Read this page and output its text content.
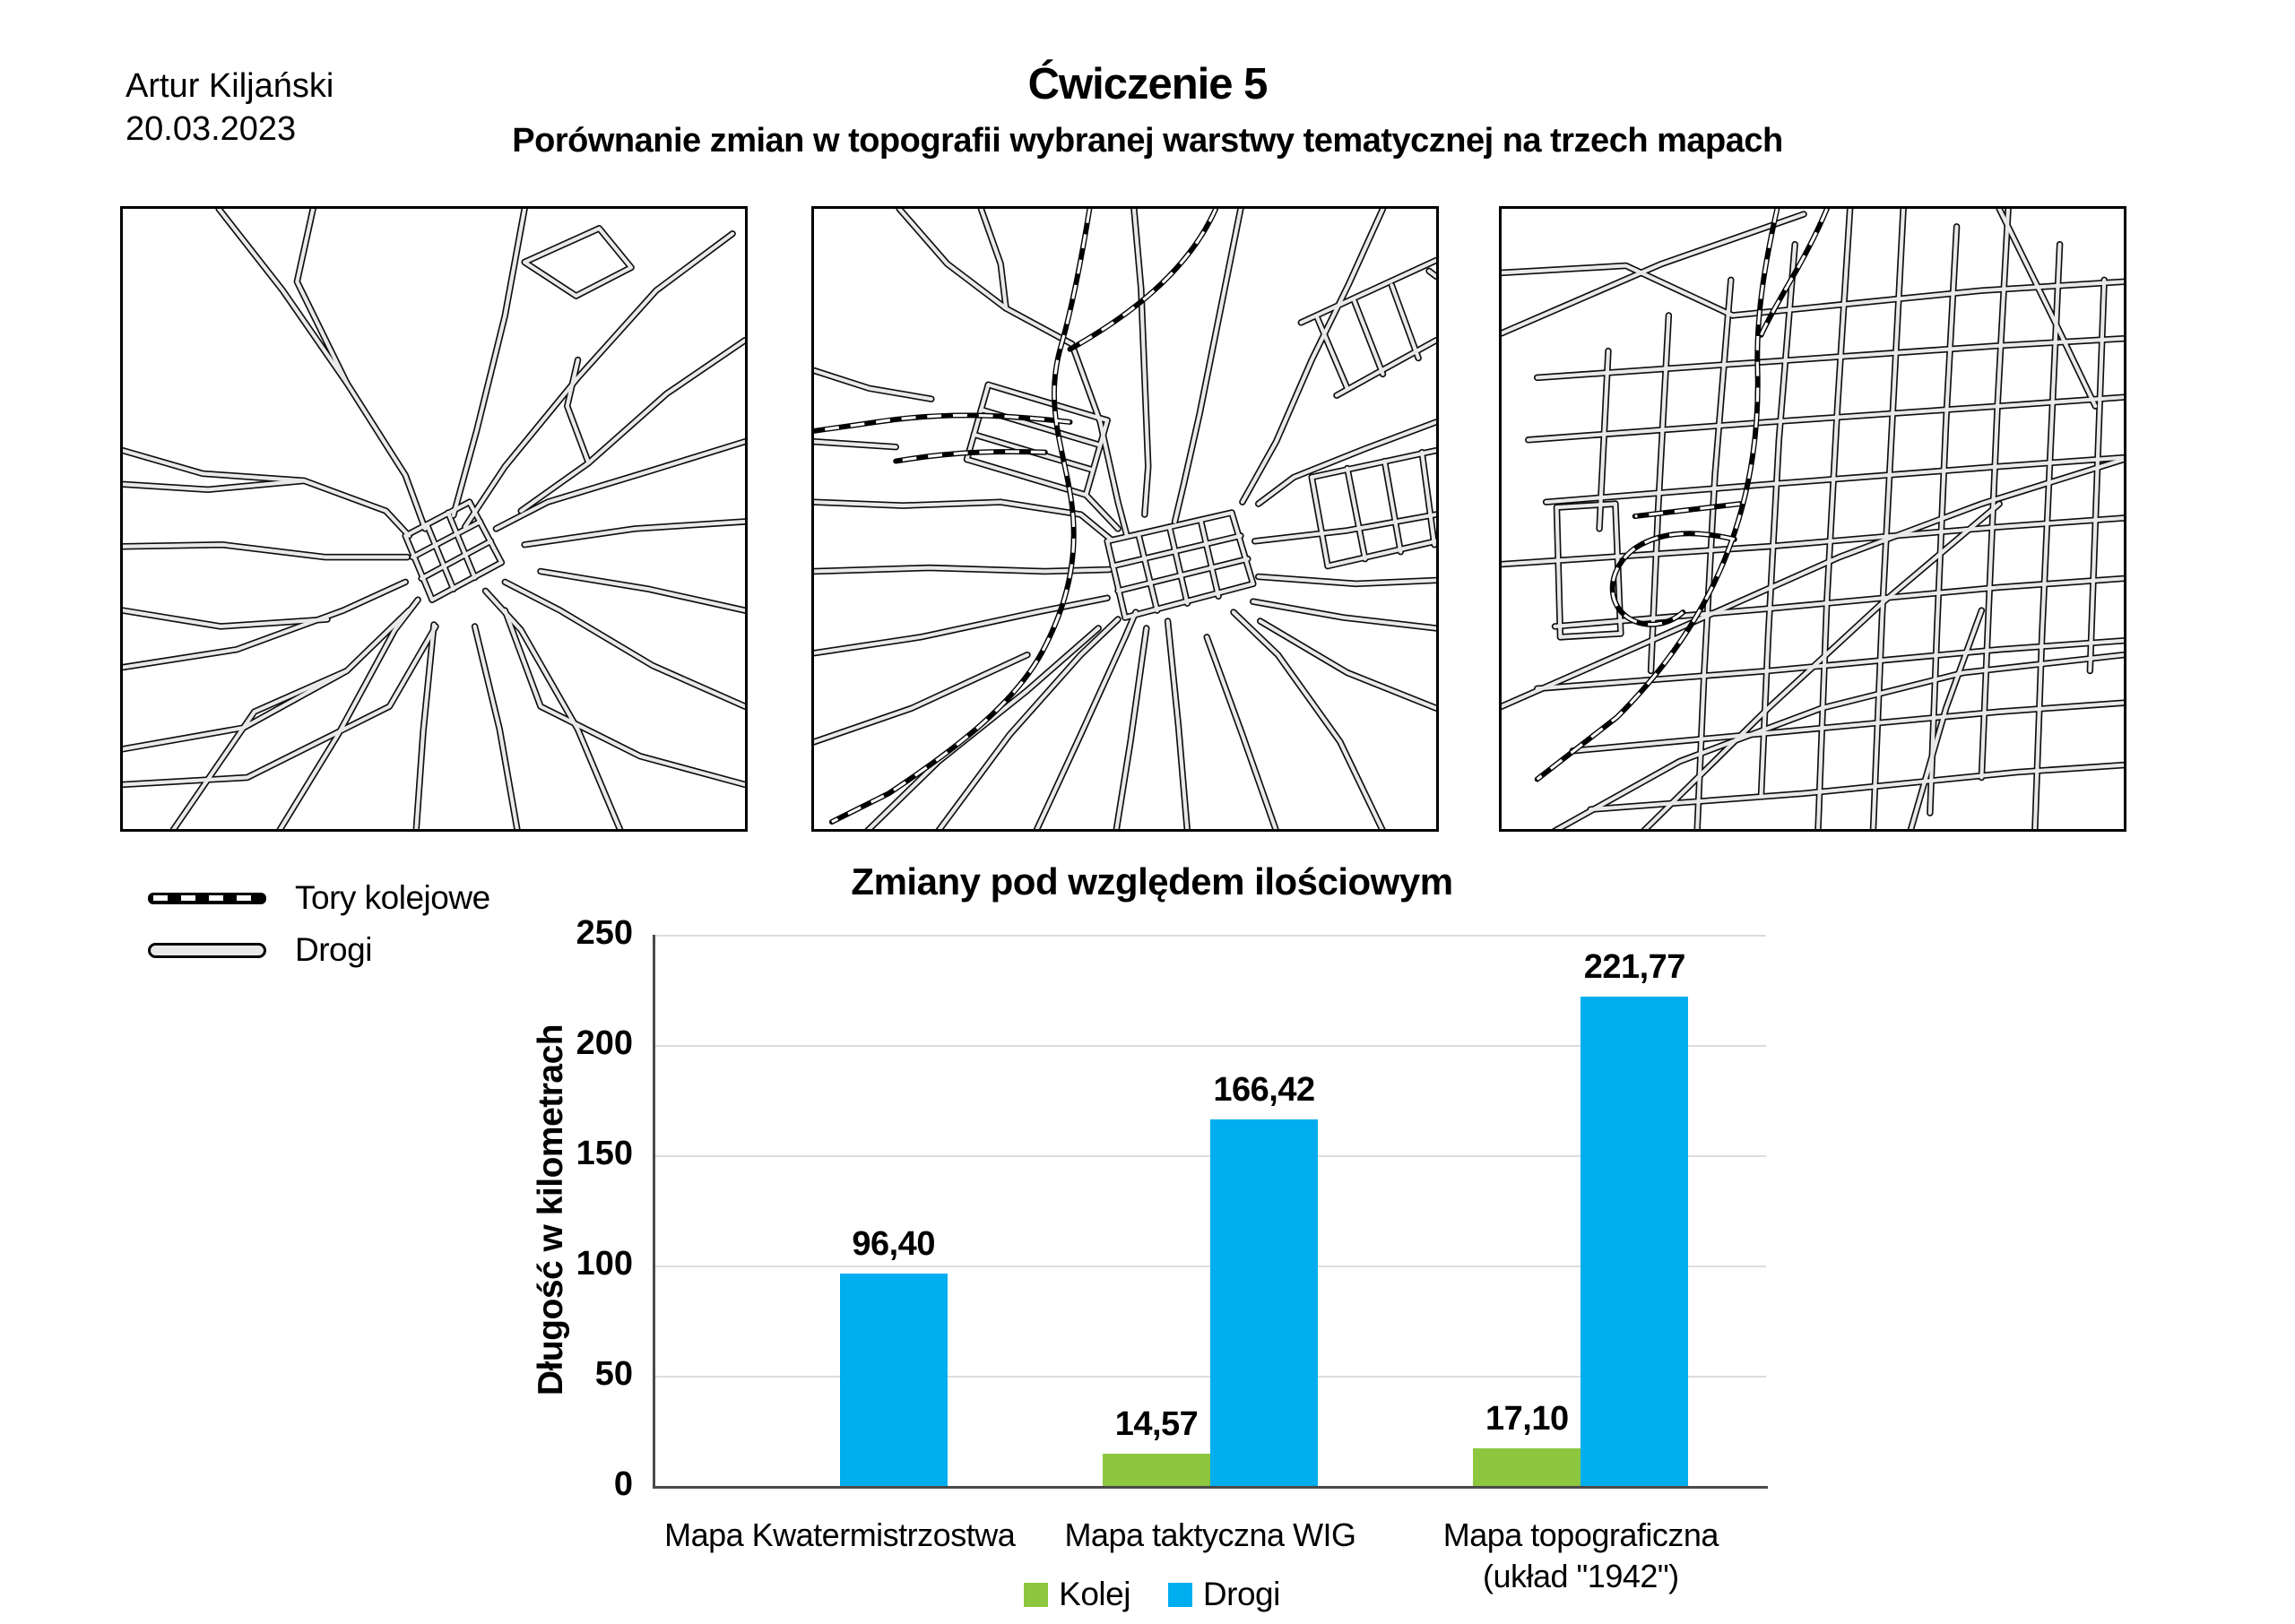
Artur Kiljański
20.03.2023
Ćwiczenie 5
Porównanie zmian w topografii wybranej warstwy tematycznej na trzech mapach
Tory kolejowe
Drogi
Zmiany pod względem ilościowym
Długość w kilometrach
0
50
100
150
200
250
96,40
Mapa Kwatermistrzostwa
14,57
166,42
Mapa taktyczna WIG
17,10
221,77
Mapa topograficzna (układ "1942")
Kolej Drogi
